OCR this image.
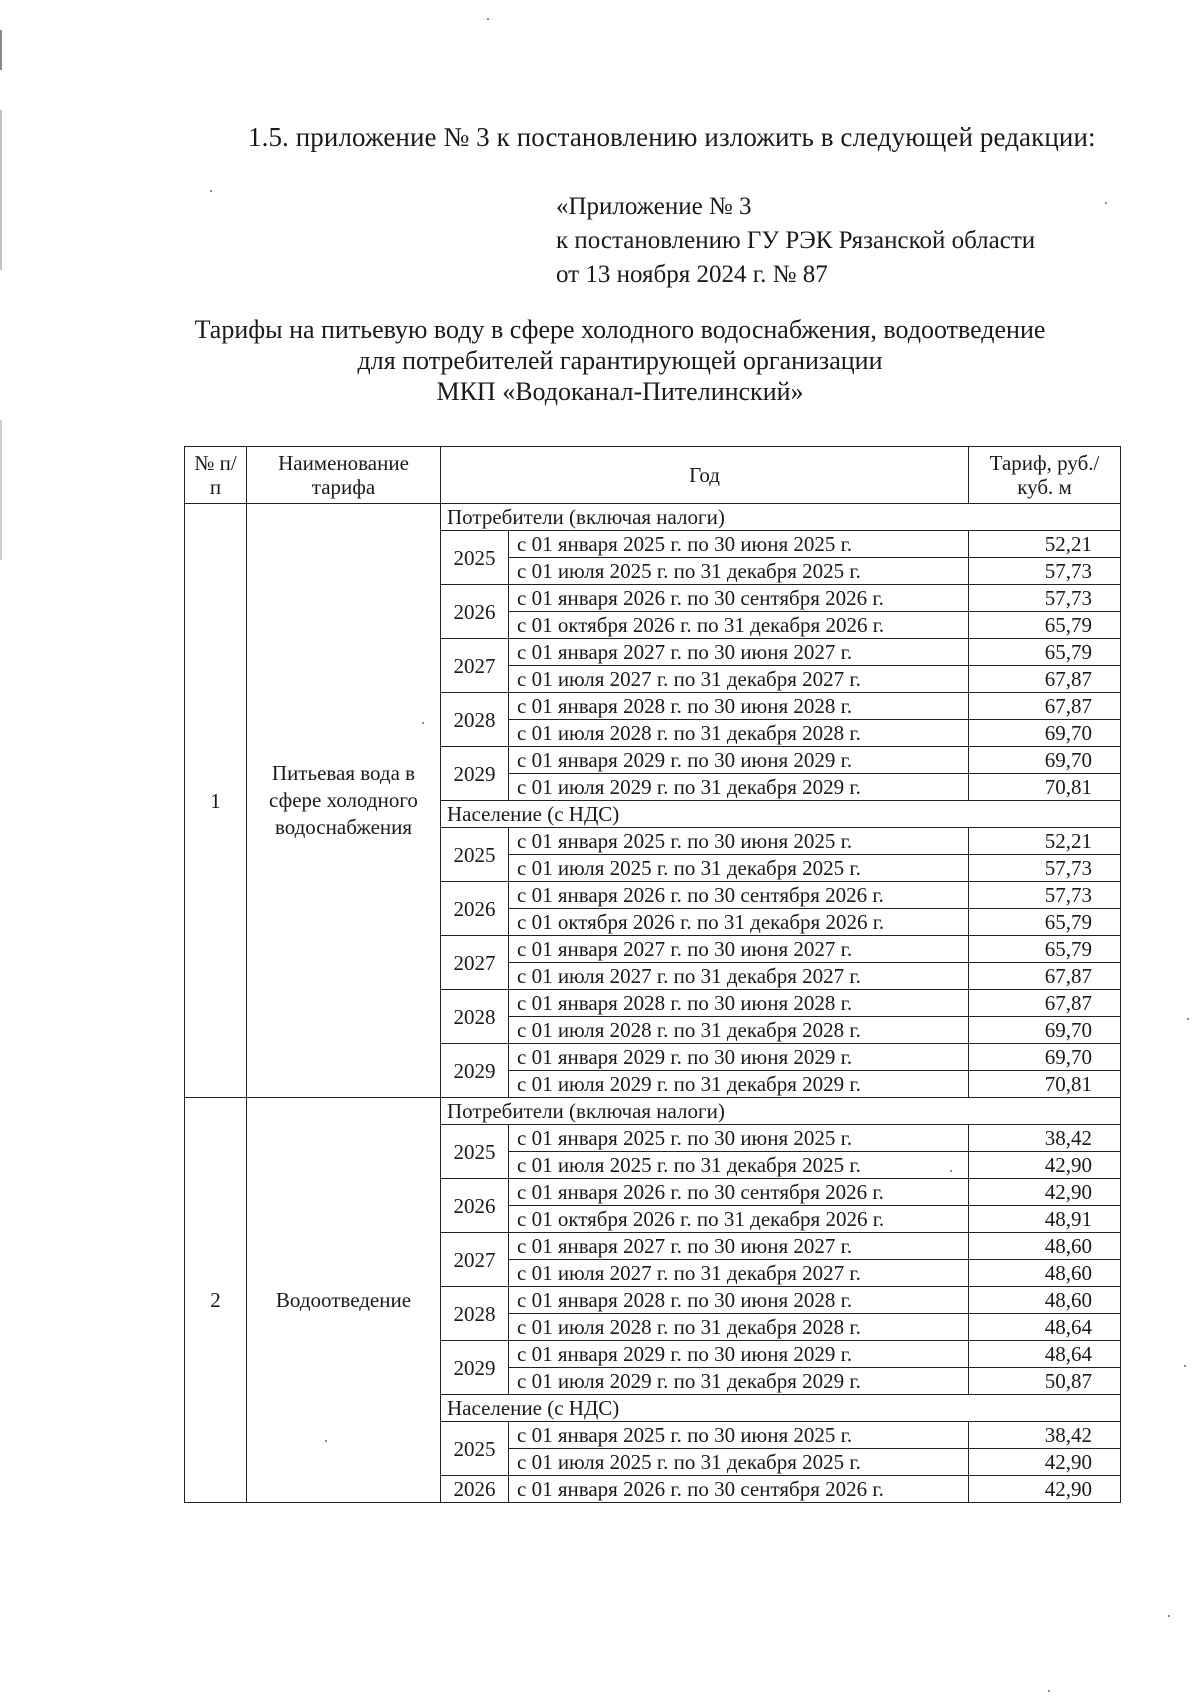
1.5. приложение № 3 к постановлению изложить в следующей редакции:
«Приложение № 3
к постановлению ГУ РЭК Рязанской области
от 13 ноября 2024 г. № 87
Тарифы на питьевую воду в сфере холодного водоснабжения, водоотведение
для потребителей гарантирующей организации
МКП «Водоканал-Пителинский»
№ п/п	Наименование тарифа	Год		Тариф, руб./куб. м
1	Питьевая вода в сфере холодного водоснабжения	Потребители (включая налоги)		
		2025	с 01 января 2025 г. по 30 июня 2025 г.	52,21
			с 01 июля 2025 г. по 31 декабря 2025 г.	57,73
		2026	с 01 января 2026 г. по 30 сентября 2026 г.	57,73
			с 01 октября 2026 г. по 31 декабря 2026 г.	65,79
		2027	с 01 января 2027 г. по 30 июня 2027 г.	65,79
			с 01 июля 2027 г. по 31 декабря 2027 г.	67,87
		2028	с 01 января 2028 г. по 30 июня 2028 г.	67,87
			с 01 июля 2028 г. по 31 декабря 2028 г.	69,70
		2029	с 01 января 2029 г. по 30 июня 2029 г.	69,70
			с 01 июля 2029 г. по 31 декабря 2029 г.	70,81
		Население (с НДС)		
		2025	с 01 января 2025 г. по 30 июня 2025 г.	52,21
			с 01 июля 2025 г. по 31 декабря 2025 г.	57,73
		2026	с 01 января 2026 г. по 30 сентября 2026 г.	57,73
			с 01 октября 2026 г. по 31 декабря 2026 г.	65,79
		2027	с 01 января 2027 г. по 30 июня 2027 г.	65,79
			с 01 июля 2027 г. по 31 декабря 2027 г.	67,87
		2028	с 01 января 2028 г. по 30 июня 2028 г.	67,87
			с 01 июля 2028 г. по 31 декабря 2028 г.	69,70
		2029	с 01 января 2029 г. по 30 июня 2029 г.	69,70
			с 01 июля 2029 г. по 31 декабря 2029 г.	70,81
2	Водоотведение	Потребители (включая налоги)		
		2025	с 01 января 2025 г. по 30 июня 2025 г.	38,42
			с 01 июля 2025 г. по 31 декабря 2025 г.	42,90
		2026	с 01 января 2026 г. по 30 сентября 2026 г.	42,90
			с 01 октября 2026 г. по 31 декабря 2026 г.	48,91
		2027	с 01 января 2027 г. по 30 июня 2027 г.	48,60
			с 01 июля 2027 г. по 31 декабря 2027 г.	48,60
		2028	с 01 января 2028 г. по 30 июня 2028 г.	48,60
			с 01 июля 2028 г. по 31 декабря 2028 г.	48,64
		2029	с 01 января 2029 г. по 30 июня 2029 г.	48,64
			с 01 июля 2029 г. по 31 декабря 2029 г.	50,87
		Население (с НДС)		
		2025	с 01 января 2025 г. по 30 июня 2025 г.	38,42
			с 01 июля 2025 г. по 31 декабря 2025 г.	42,90
		2026	с 01 января 2026 г. по 30 сентября 2026 г.	42,90
